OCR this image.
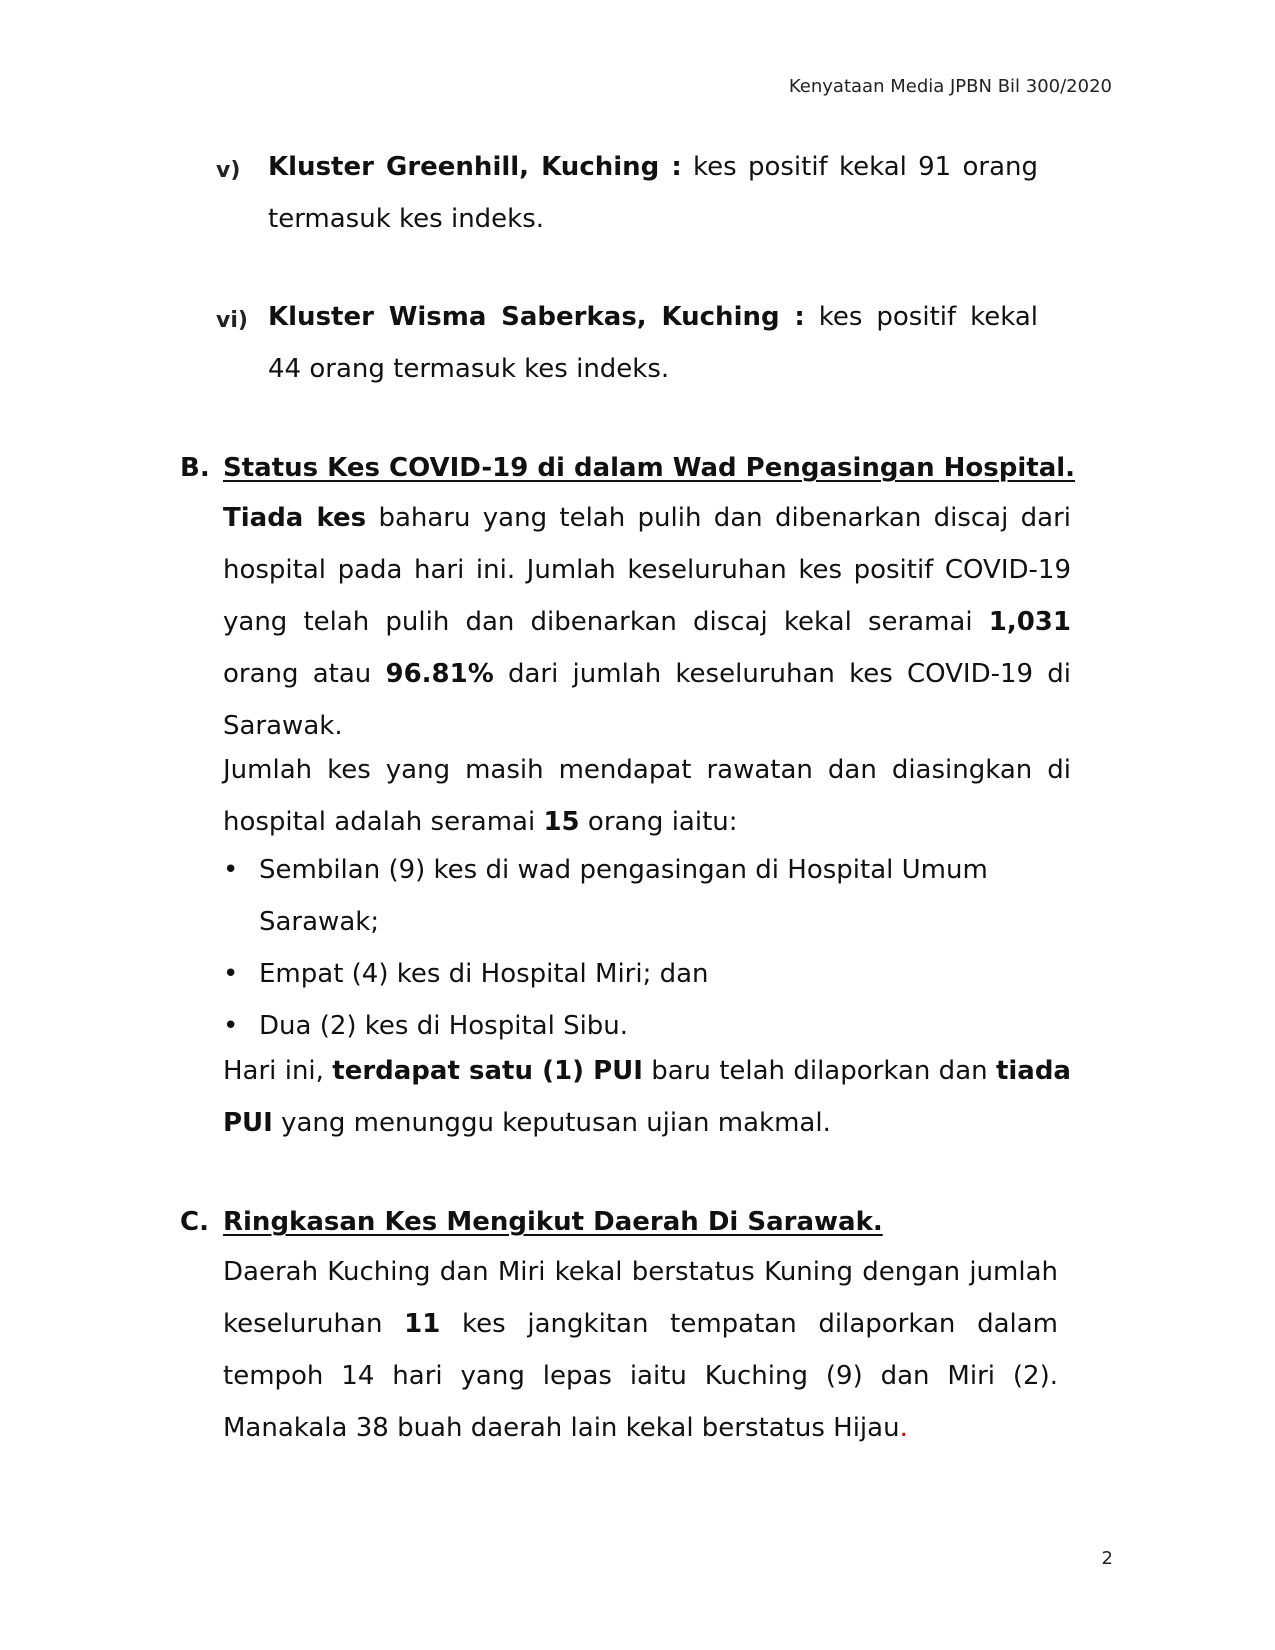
Kenyataan Media JPBN Bil 300/2020
v) Kluster Greenhill, Kuching : kes positif kekal 91 orang termasuk kes indeks.
vi) Kluster Wisma Saberkas, Kuching : kes positif kekal 44 orang termasuk kes indeks.
B. Status Kes COVID-19 di dalam Wad Pengasingan Hospital.
Tiada kes baharu yang telah pulih dan dibenarkan discaj dari hospital pada hari ini. Jumlah keseluruhan kes positif COVID-19 yang telah pulih dan dibenarkan discaj kekal seramai 1,031 orang atau 96.81% dari jumlah keseluruhan kes COVID-19 di Sarawak.
Jumlah kes yang masih mendapat rawatan dan diasingkan di hospital adalah seramai 15 orang iaitu:
• Sembilan (9) kes di wad pengasingan di Hospital Umum Sarawak;
• Empat (4) kes di Hospital Miri; dan
• Dua (2) kes di Hospital Sibu.
Hari ini, terdapat satu (1) PUI baru telah dilaporkan dan tiada PUI yang menunggu keputusan ujian makmal.
C. Ringkasan Kes Mengikut Daerah Di Sarawak.
Daerah Kuching dan Miri kekal berstatus Kuning dengan jumlah keseluruhan 11 kes jangkitan tempatan dilaporkan dalam tempoh 14 hari yang lepas iaitu Kuching (9) dan Miri (2). Manakala 38 buah daerah lain kekal berstatus Hijau.
2
